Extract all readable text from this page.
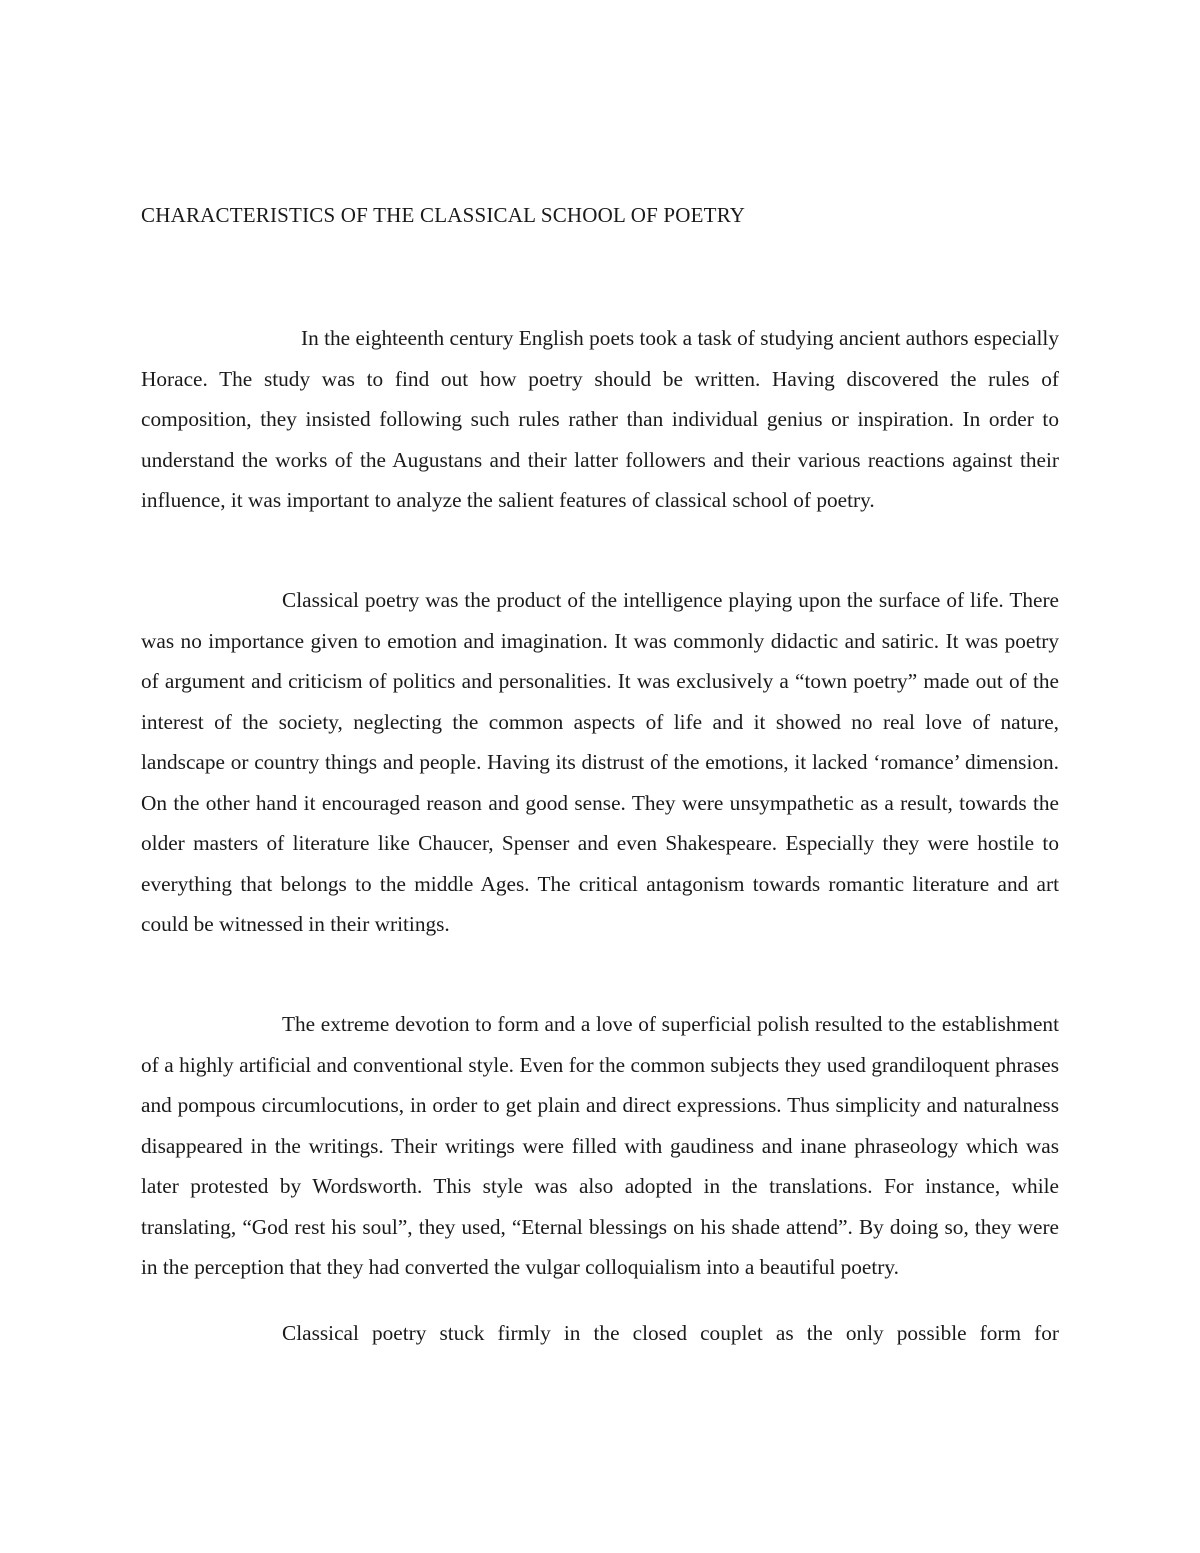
CHARACTERISTICS OF THE CLASSICAL SCHOOL OF POETRY

In the eighteenth century English poets took a task of studying ancient authors especially Horace. The study was to find out how poetry should be written. Having discovered the rules of composition, they insisted following such rules rather than individual genius or inspiration. In order to understand the works of the Augustans and their latter followers and their various reactions against their influence, it was important to analyze the salient features of classical school of poetry.

Classical poetry was the product of the intelligence playing upon the surface of life. There was no importance given to emotion and imagination. It was commonly didactic and satiric. It was poetry of argument and criticism of politics and personalities. It was exclusively a “town poetry” made out of the interest of the society, neglecting the common aspects of life and it showed no real love of nature, landscape or country things and people. Having its distrust of the emotions, it lacked ‘romance’ dimension. On the other hand it encouraged reason and good sense. They were unsympathetic as a result, towards the older masters of literature like Chaucer, Spenser and even Shakespeare. Especially they were hostile to everything that belongs to the middle Ages. The critical antagonism towards romantic literature and art could be witnessed in their writings.

The extreme devotion to form and a love of superficial polish resulted to the establishment of a highly artificial and conventional style. Even for the common subjects they used grandiloquent phrases and pompous circumlocutions, in order to get plain and direct expressions. Thus simplicity and naturalness disappeared in the writings. Their writings were filled with gaudiness and inane phraseology which was later protested by Wordsworth. This style was also adopted in the translations. For instance, while translating, “God rest his soul”, they used, “Eternal blessings on his shade attend”. By doing so, they were in the perception that they had converted the vulgar colloquialism into a beautiful poetry.

Classical poetry stuck firmly in the closed couplet as the only possible form for
